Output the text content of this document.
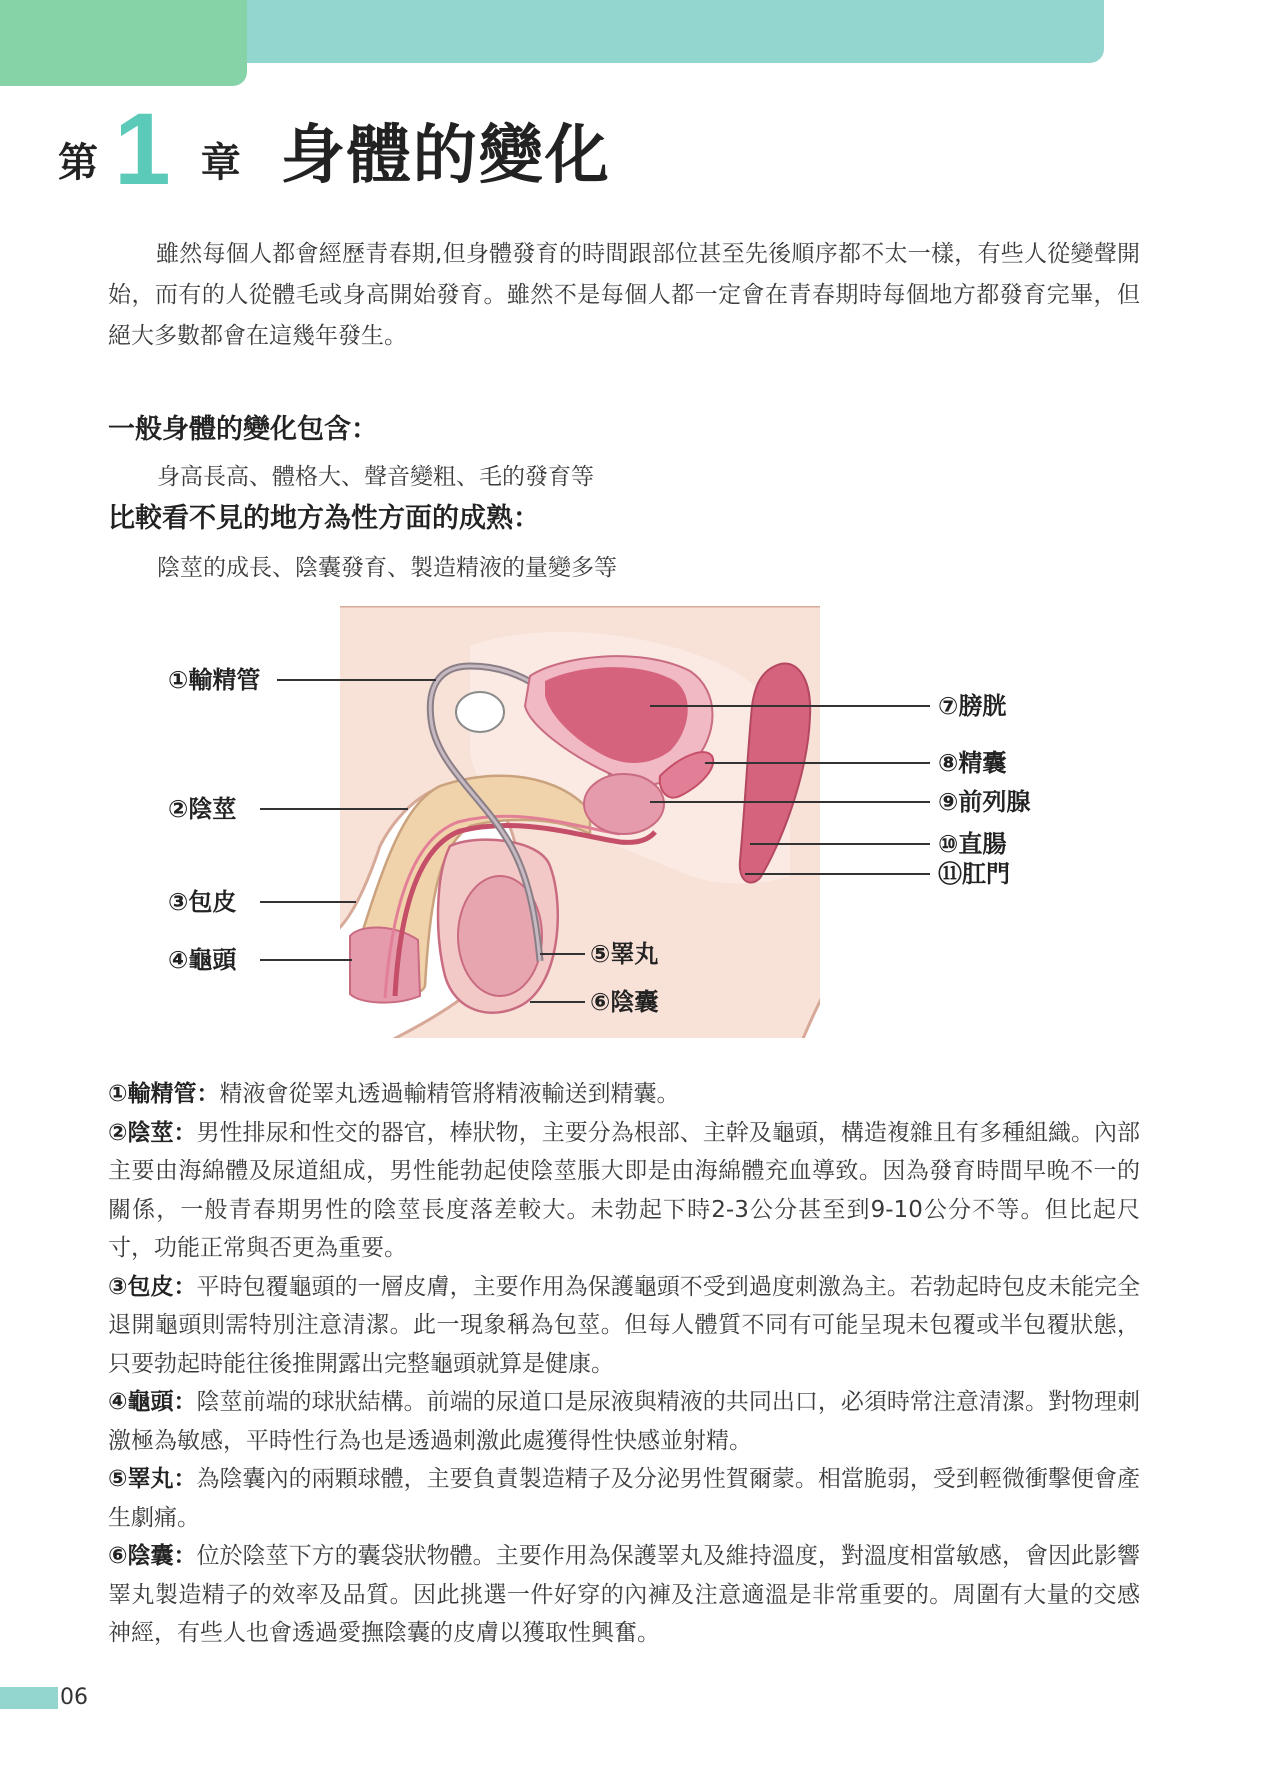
第 1 章 身體的變化

雖然每個人都會經歷青春期,但身體發育的時間跟部位甚至先後順序都不太一樣，有些人從變聲開始，而有的人從體毛或身高開始發育。雖然不是每個人都一定會在青春期時每個地方都發育完畢，但絕大多數都會在這幾年發生。

一般身體的變化包含：

身高長高、體格大、聲音變粗、毛的發育等

比較看不見的地方為性方面的成熟：

陰莖的成長、陰囊發育、製造精液的量變多等

①輸精管
②陰莖
③包皮
④龜頭	⑤睪丸
⑥陰囊
⑦膀胱
⑧精囊
⑨前列腺
⑩直腸
⑪肛門

①輸精管：精液會從睪丸透過輸精管將精液輸送到精囊。

②陰莖：男性排尿和性交的器官，棒狀物，主要分為根部、主幹及龜頭，構造複雜且有多種組織。內部主要由海綿體及尿道組成，男性能勃起使陰莖脹大即是由海綿體充血導致。因為發育時間早晚不一的關係，一般青春期男性的陰莖長度落差較大。未勃起下時2-3公分甚至到9-10公分不等。但比起尺寸，功能正常與否更為重要。

③包皮：平時包覆龜頭的一層皮膚，主要作用為保護龜頭不受到過度刺激為主。若勃起時包皮未能完全退開龜頭則需特別注意清潔。此一現象稱為包莖。但每人體質不同有可能呈現未包覆或半包覆狀態，只要勃起時能往後推開露出完整龜頭就算是健康。

④龜頭：陰莖前端的球狀結構。前端的尿道口是尿液與精液的共同出口，必須時常注意清潔。對物理刺激極為敏感，平時性行為也是透過刺激此處獲得性快感並射精。

⑤睪丸：為陰囊內的兩顆球體，主要負責製造精子及分泌男性賀爾蒙。相當脆弱，受到輕微衝擊便會產生劇痛。

⑥陰囊：位於陰莖下方的囊袋狀物體。主要作用為保護睪丸及維持溫度，對溫度相當敏感，會因此影響睪丸製造精子的效率及品質。因此挑選一件好穿的內褲及注意適溫是非常重要的。周圍有大量的交感神經，有些人也會透過愛撫陰囊的皮膚以獲取性興奮。

06
